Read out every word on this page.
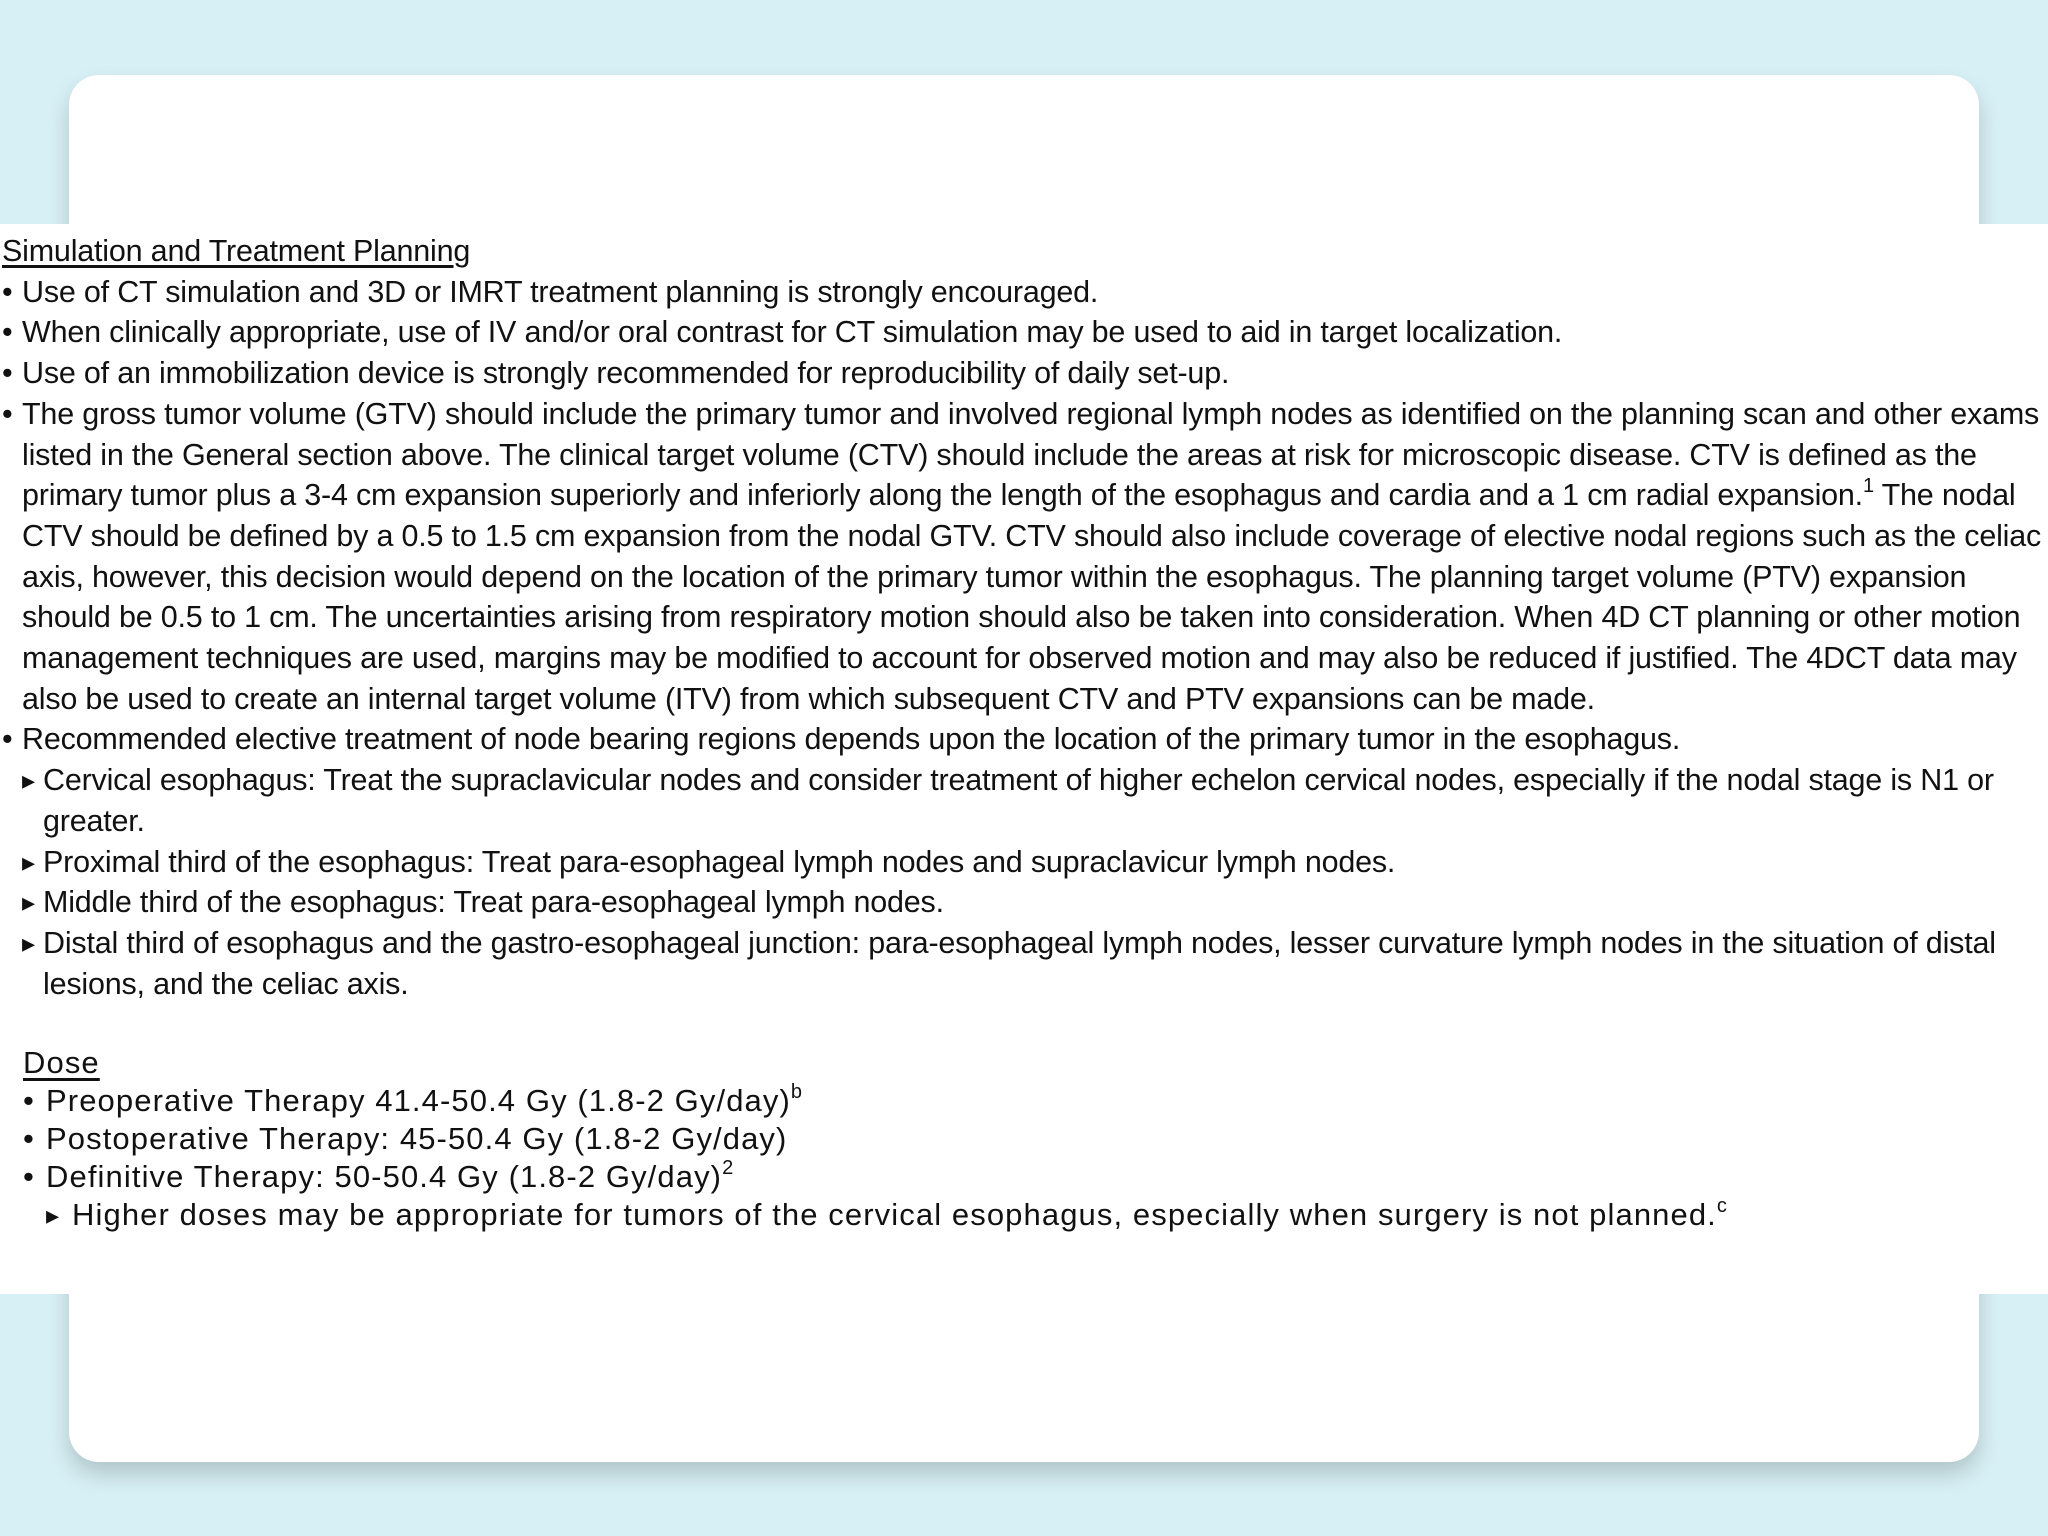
Simulation and Treatment Planning
• Use of CT simulation and 3D or IMRT treatment planning is strongly encouraged.
• When clinically appropriate, use of IV and/or oral contrast for CT simulation may be used to aid in target localization.
• Use of an immobilization device is strongly recommended for reproducibility of daily set-up.
• The gross tumor volume (GTV) should include the primary tumor and involved regional lymph nodes as identified on the planning scan and other exams listed in the General section above. The clinical target volume (CTV) should include the areas at risk for microscopic disease. CTV is defined as the primary tumor plus a 3-4 cm expansion superiorly and inferiorly along the length of the esophagus and cardia and a 1 cm radial expansion.$^1$ The nodal CTV should be defined by a 0.5 to 1.5 cm expansion from the nodal GTV. CTV should also include coverage of elective nodal regions such as the celiac axis, however, this decision would depend on the location of the primary tumor within the esophagus. The planning target volume (PTV) expansion should be 0.5 to 1 cm. The uncertainties arising from respiratory motion should also be taken into consideration. When 4D CT planning or other motion management techniques are used, margins may be modified to account for observed motion and may also be reduced if justified. The 4DCT data may also be used to create an internal target volume (ITV) from which subsequent CTV and PTV expansions can be made.
• Recommended elective treatment of node bearing regions depends upon the location of the primary tumor in the esophagus.
▸ Cervical esophagus: Treat the supraclavicular nodes and consider treatment of higher echelon cervical nodes, especially if the nodal stage is N1 or greater.
▸ Proximal third of the esophagus: Treat para-esophageal lymph nodes and supraclavicur lymph nodes.
▸ Middle third of the esophagus: Treat para-esophageal lymph nodes.
▸ Distal third of esophagus and the gastro-esophageal junction: para-esophageal lymph nodes, lesser curvature lymph nodes in the situation of distal lesions, and the celiac axis.
Dose
• Preoperative Therapy 41.4-50.4 Gy (1.8-2 Gy/day)$^b$
• Postoperative Therapy: 45-50.4 Gy (1.8-2 Gy/day)
• Definitive Therapy: 50-50.4 Gy (1.8-2 Gy/day)$^2$
▸ Higher doses may be appropriate for tumors of the cervical esophagus, especially when surgery is not planned.$^c$
